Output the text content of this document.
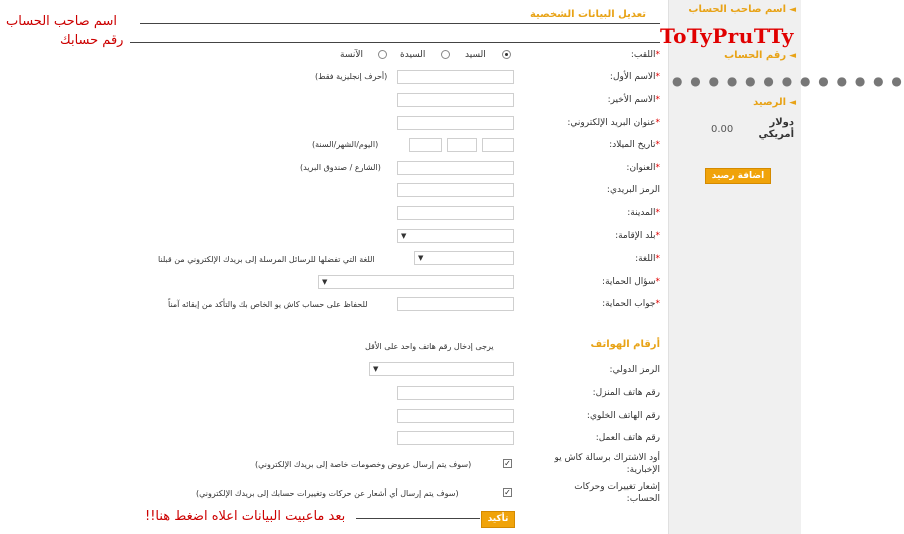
◄اسم صاحب الحساب
ToTyPruTTy
◄رقم الحساب
● ● ● ● ● ● ● ● ● ● ● ● ●
◄الرصيد
دولار أمريكي
0.00
اضافة رصيد
تعديل البيانات الشخصية
*اللقب:
السيد
السيدة
الآنسة
*الاسم الأول:
(أحرف إنجليزية فقط)
*الاسم الأخير:
*عنوان البريد الإلكتروني:
*تاريخ الميلاد:
(اليوم/الشهر/السنة)
*العنوان:
(الشارع / صندوق البريد)
الرمز البريدي:
*المدينة:
*بلد الإقامة:
▼
*اللغة:
▼
اللغة التي تفضلها للرسائل المرسلة إلى بريدك الإلكتروني من قبلنا
*سؤال الحماية:
▼
*جواب الحماية:
للحفاظ على حساب كاش يو الخاص بك والتأكد من إبقائه آمناً
أرقام الهواتف
يرجى إدخال رقم هاتف واحد على الأقل
الرمز الدولي:
▼
رقم هاتف المنزل:
رقم الهاتف الخلوي:
رقم هاتف العمل:
أود الاشتراك برسالة كاش يو الإخبارية:
✓
(سوف يتم إرسال عروض وخصومات خاصة إلى بريدك الإلكتروني)
إشعار تغييرات وحركات الحساب:
✓
(سوف يتم إرسال أي أشعار عن حركات وتغييرات حسابك إلى بريدك الإلكتروني)
تأكيد
اسم صاحب الحساب
رقم حسابك
بعد ماعبيت البيانات اعلاه اضغط هنا!!
